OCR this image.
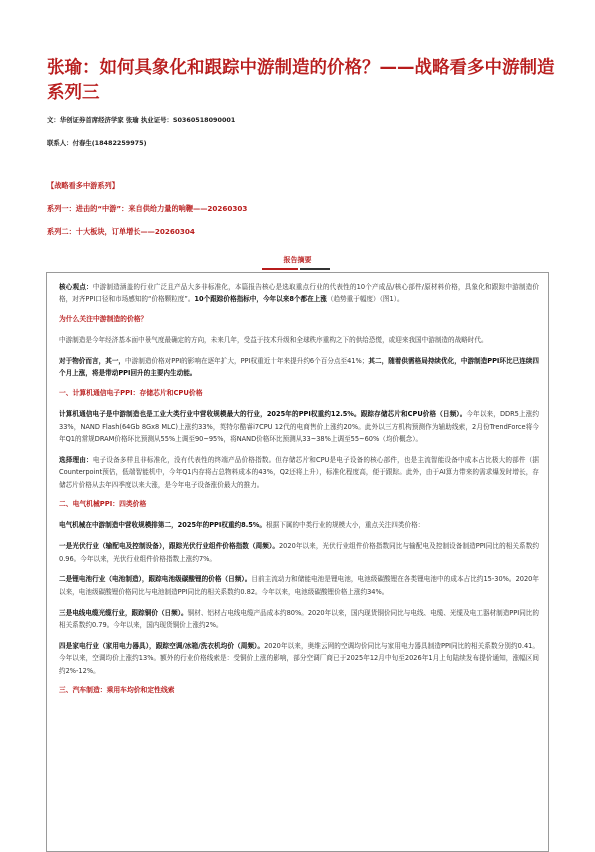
张瑜：如何具象化和跟踪中游制造的价格？——战略看多中游制造系列三
文：华创证券首席经济学家 张瑜 执业证号：S0360518090001
联系人：付春生(18482259975)
【战略看多中游系列】
系列一：进击的“中游”：来自供给力量的响鞭——20260303
系列二：十大板块，订单增长——20260304
报告摘要

核心观点：中游制造涵盖的行业广泛且产品大多非标准化，本篇报告核心是选取重点行业的代表性的10个产成品/核心部件/原材料价格，具象化和跟踪中游制造价格，对齐PPI口径和市场感知的“价格颗粒度”。10个跟踪价格指标中，今年以来8个都在上涨（趋势重于幅度）（图1）。

为什么关注中游制造的价格？

中游制造是今年经济基本面中景气度最确定的方向，未来几年，受益于技术升级和全球秩序重构之下的供给恐慌，或迎来我国中游制造的战略时代。

对于物价而言，其一，中游制造价格对PPI的影响在逐年扩大，PPI权重近十年来提升约6个百分点至41%；其二，随着供需格局持续优化，中游制造PPI环比已连续四个月上涨，将是带动PPI回升的主要内生动能。

一、计算机通信电子PPI：存储芯片和CPU价格

计算机通信电子是中游制造也是工业大类行业中营收规模最大的行业，2025年的PPI权重约12.5%。跟踪存储芯片和CPU价格（日频）。今年以来，DDR5上涨约33%，NAND Flash(64Gb 8Gx8 MLC)上涨约33%，英特尔酷睿i7CPU 12代的电商售价上涨约20%。此外以三方机构预测作为辅助线索，2月份TrendForce将今年Q1的常规DRAM价格环比预测从55%上调至90~95%，将NAND价格环比预测从33~38%上调至55~60%（均价概念）。

选择理由：电子设备多样且非标准化，没有代表性的终端产品价格指数。但存储芯片和CPU是电子设备的核心部件，也是主流智能设备中成本占比极大的部件（据Counterpoint预估，低端智能机中，今年Q1内存将占总物料成本的43%，Q2还将上升），标准化程度高，便于跟踪。此外，由于AI算力带来的需求爆发时增长，存储芯片价格从去年四季度以来大涨，是今年电子设备涨价最大的推力。

二、电气机械PPI：四类价格

电气机械在中游制造中营收规模排第二，2025年的PPI权重约8.5%。根据下属的中类行业的规模大小，重点关注四类价格：

一是光伏行业（输配电及控制设备），跟踪光伏行业组件价格指数（周频）。2020年以来，光伏行业组件价格指数同比与输配电及控制设备制造PPI同比的相关系数约0.96。今年以来，光伏行业组件价格指数上涨约7%。

二是锂电池行业（电池制造），跟踪电池级碳酸锂的价格（日频）。目前主流动力和储能电池是锂电池，电池级碳酸锂在各类锂电池中的成本占比约15-30%。2020年以来，电池级碳酸锂价格同比与电池制造PPI同比的相关系数约0.82。今年以来，电池级碳酸锂价格上涨约34%。

三是电线电缆光缆行业，跟踪铜价（日频）。铜材、铝材占电线电缆产品成本约80%。2020年以来，国内现货铜价同比与电线、电缆、光缆及电工器材制造PPI同比的相关系数约0.79。今年以来，国内现货铜价上涨约2%。

四是家电行业（家用电力器具），跟踪空调/冰箱/洗衣机均价（周频）。2020年以来，奥维云网的空调均价同比与家用电力器具制造PPI同比的相关系数分别约0.41。今年以来，空调均价上涨约13%。额外的行业价格线索是：受铜价上涨的影响，部分空调厂商已于2025年12月中旬至2026年1月上旬陆续发布提价通知，涨幅区间约2%-12%。

三、汽车制造：乘用车均价和定性线索
